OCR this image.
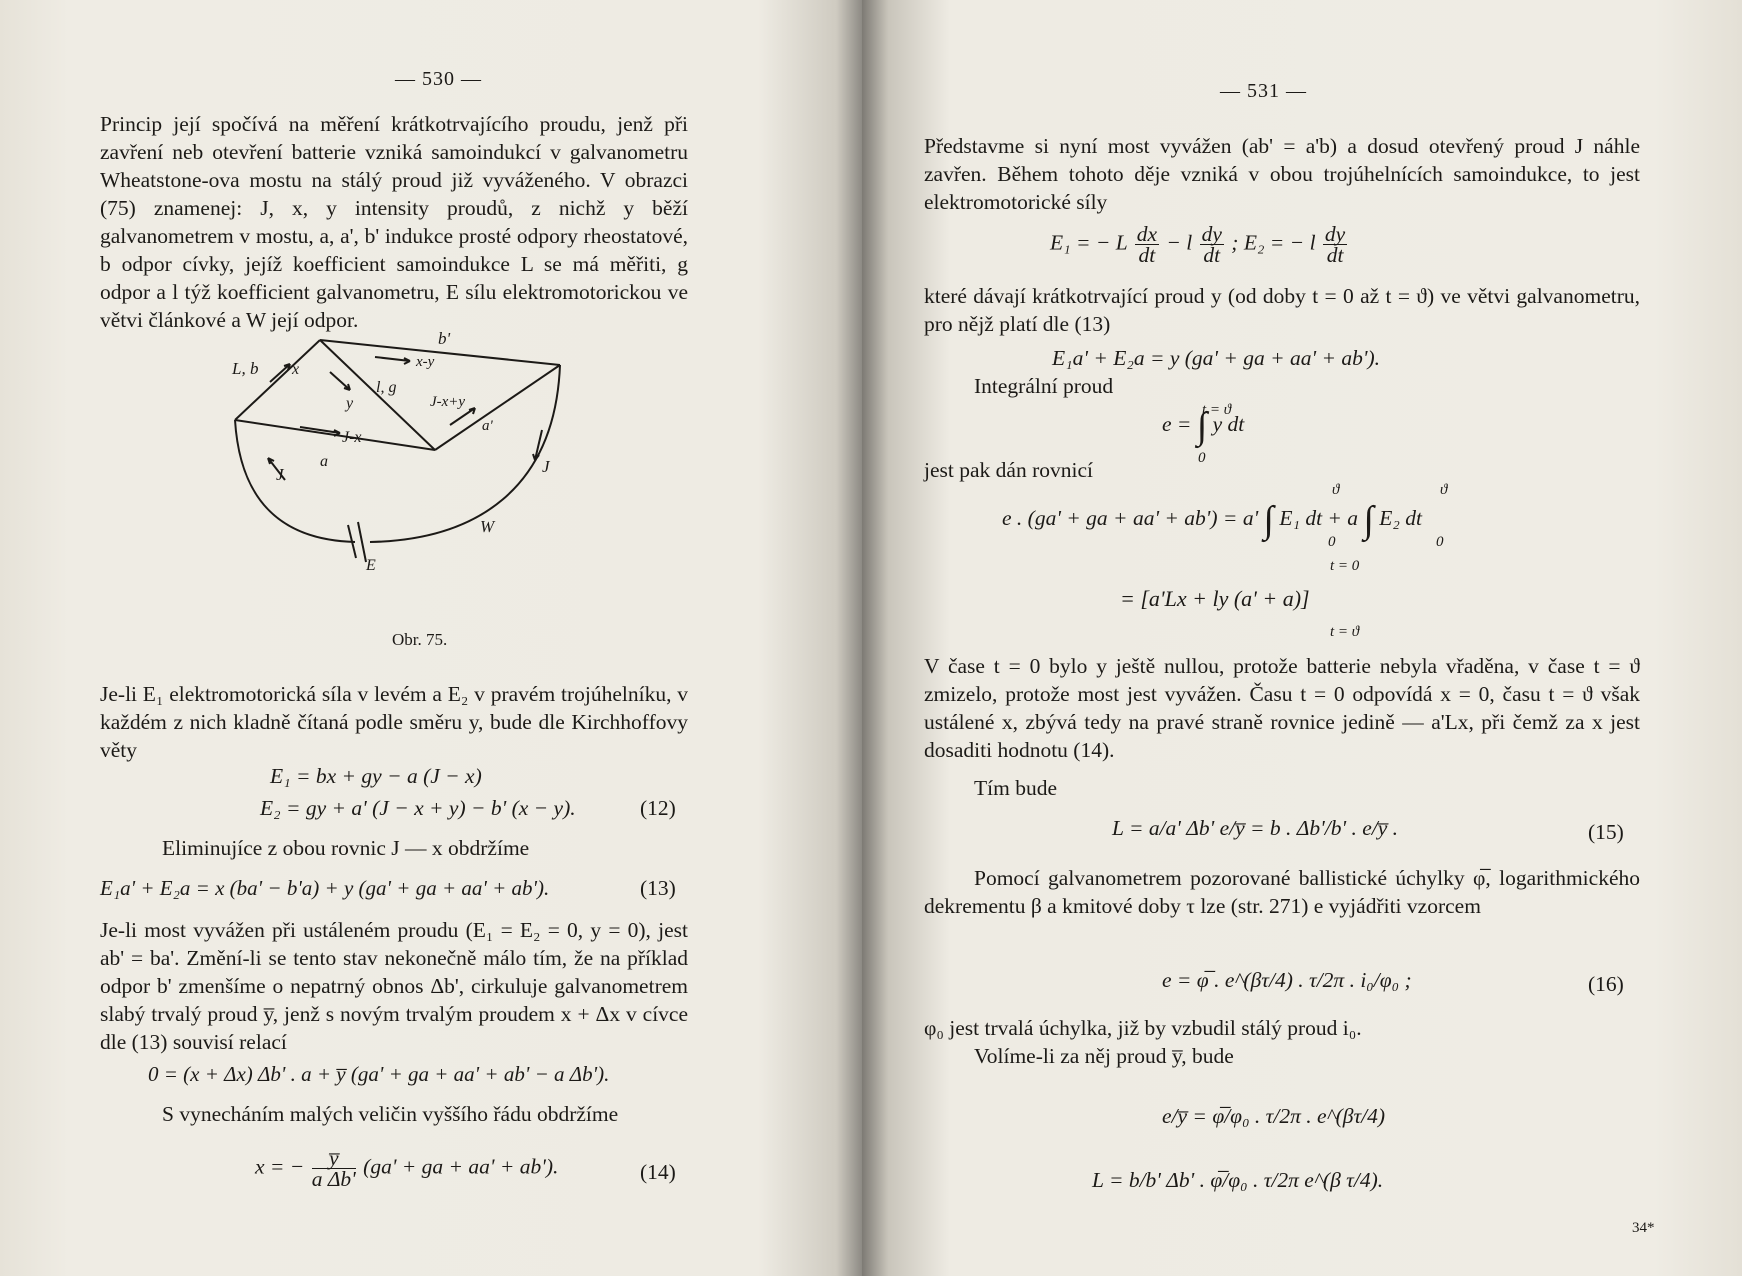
— 530 —

Princip její spočívá na měření krátkotrvajícího proudu, jenž při zavření neb otevření batterie vzniká samoindukcí v galvanometru Wheatstone-ova mostu na stálý proud již vyváženého. V obrazci (75) znamenej: J, x, y intensity proudů, z nichž y běží galvanometrem v mostu, a, a', b' indukce prosté odpory rheostatové, b odpor cívky, jejíž koefficient samoindukce L se má měřiti, g odpor a l týž koefficient galvanometru, E sílu elektromotorickou ve větvi článkové a W její odpor.

b'
L, b x	x-y
y
l, g
J-x+y
J-x
a'
a
J	J
W
E
Obr. 75.

Je-li E₁ elektromotorická síla v levém a E₂ v pravém trojúhelníku, v každém z nich kladně čítaná podle směru y, bude dle Kirchhoffovy věty

E₁ = bx + gy − a (J − x)
E₂ = gy + a' (J − x + y) − b' (x − y).	(12)
Eliminujíce z obou rovnic J — x obdržíme
E₁a' + E₂a = x (ba' − b'a) + y (ga' + ga + aa' + ab').	(13)

Je-li most vyvážen při ustáleném proudu (E₁ = E₂ = 0, y = 0), jest ab' = ba'. Změní-li se tento stav nekonečně málo tím, že na příklad odpor b' zmenšíme o nepatrný obnos Δb', cirkuluje galvanometrem slabý trvalý proud y̅, jenž s novým trvalým proudem x + Δx v cívce dle (13) souvisí relací

0 = (x + Δx) Δb' . a + y̅ (ga' + ga + aa' + ab' − a Δb').
S vynecháním malých veličin vyššího řádu obdržíme
x = − $\frac{y̅}{\text{a Δb'}} (ga'$ + ga + aa' + ab').	(14)
— 531 —

Představme si nyní most vyvážen (ab' = a'b) a dosud otevřený proud J náhle zavřen. Během tohoto děje vzniká v obou trojúhelnících samoindukce, to jest elektromotorické síly

E₁ = − L $\frac{dx}{dt} - l \frac{dy}{dt}$ ; E₂ = − l $\frac{dy}{dt}$

které dávají krátkotrvající proud y (od doby t = 0 až t = ϑ) ve větvi galvanometru, pro nějž platí dle (13)

E₁a' + E₂a = y (ga' + ga + aa' + ab').
Integrální proud
e = ∫ y dt
t = ϑ
0
jest pak dán rovnicí
e . (ga' + ga + aa' + ab') = a' ∫ E₁ dt + a ∫ E₂ dt
ϑ
0
ϑ
0
t = 0
= [a'Lx + ly (a' + a)]
t = ϑ

V čase t = 0 bylo y ještě nullou, protože batterie nebyla vřaděna, v čase t = ϑ zmizelo, protože most jest vyvážen. Času t = 0 odpovídá x = 0, času t = ϑ však ustálené x, zbývá tedy na pravé straně rovnice jedině — a'Lx, při čemž za x jest dosaditi hodnotu (14).

Tím bude
L = a/a' Δb' e/y̅ = b . Δb'/b' . e/y̅ .	(15)

Pomocí galvanometrem pozorované ballistické úchylky φ̅, logarithmického dekrementu β a kmitové doby τ lze (str. 271) e vyjádřiti vzorcem

e = φ̅ . e^(βτ/4) . τ/2π . i₀/φ₀ ;	(16)
φ₀ jest trvalá úchylka, již by vzbudil stálý proud i₀.
Volíme-li za něj proud y̅, bude
e/y̅ = φ̅/φ₀ . τ/2π . e^(βτ/4)
L = b/b' Δb' . φ̅/φ₀ . τ/2π e^(β τ/4).
34*
